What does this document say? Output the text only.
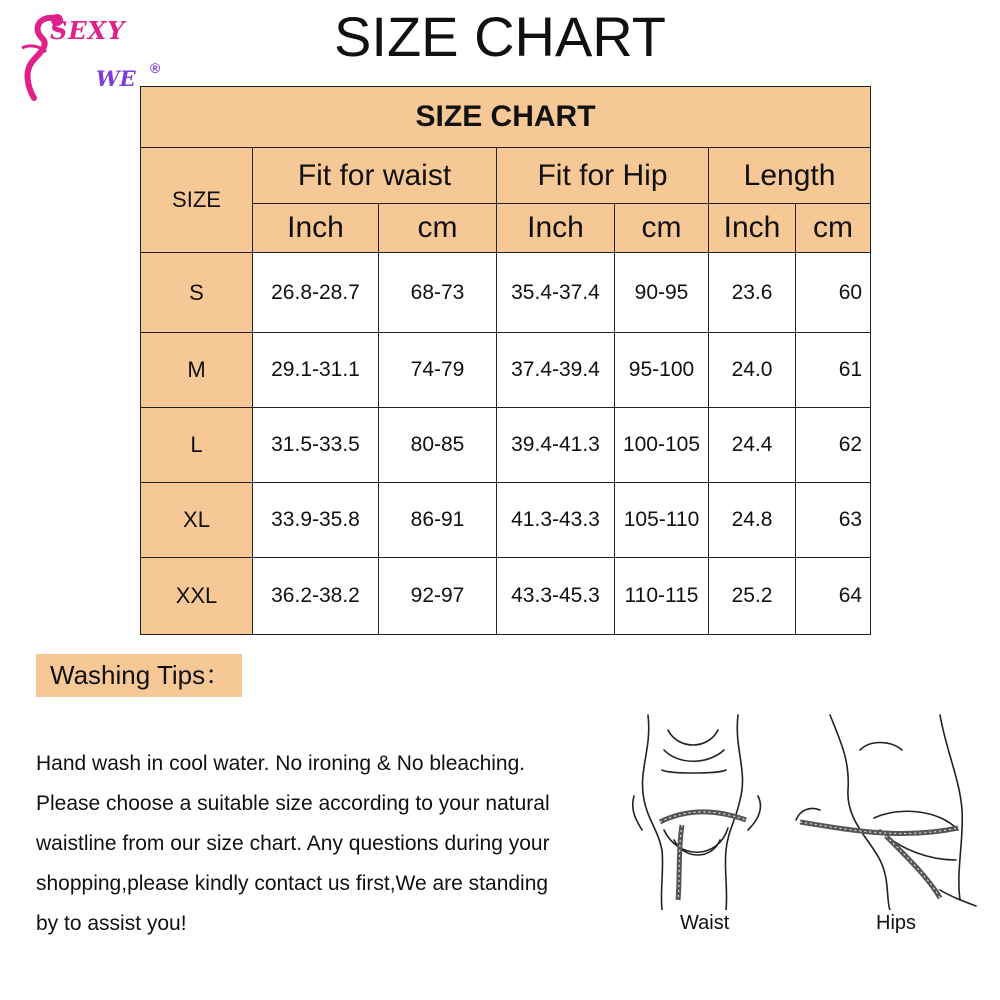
SEXY
WE ®	SIZE CHART
SIZE CHART						
SIZE	Fit for waist		Fit for Hip		Length	
	Inch	cm	Inch	cm	Inch	cm
S	26.8-28.7	68-73	35.4-37.4	90-95	23.6	60
M	29.1-31.1	74-79	37.4-39.4	95-100	24.0	61
L	31.5-33.5	80-85	39.4-41.3	100-105	24.4	62
XL	33.9-35.8	86-91	41.3-43.3	105-110	24.8	63
XXL	36.2-38.2	92-97	43.3-45.3	110-115	25.2	64
Washing Tips：
Hand wash in cool water. No ironing & No bleaching.
Please choose a suitable size according to your natural
waistline from our size chart. Any questions during your
shopping,please kindly contact us first,We are standing
by to assist you!	Waist	Hips
